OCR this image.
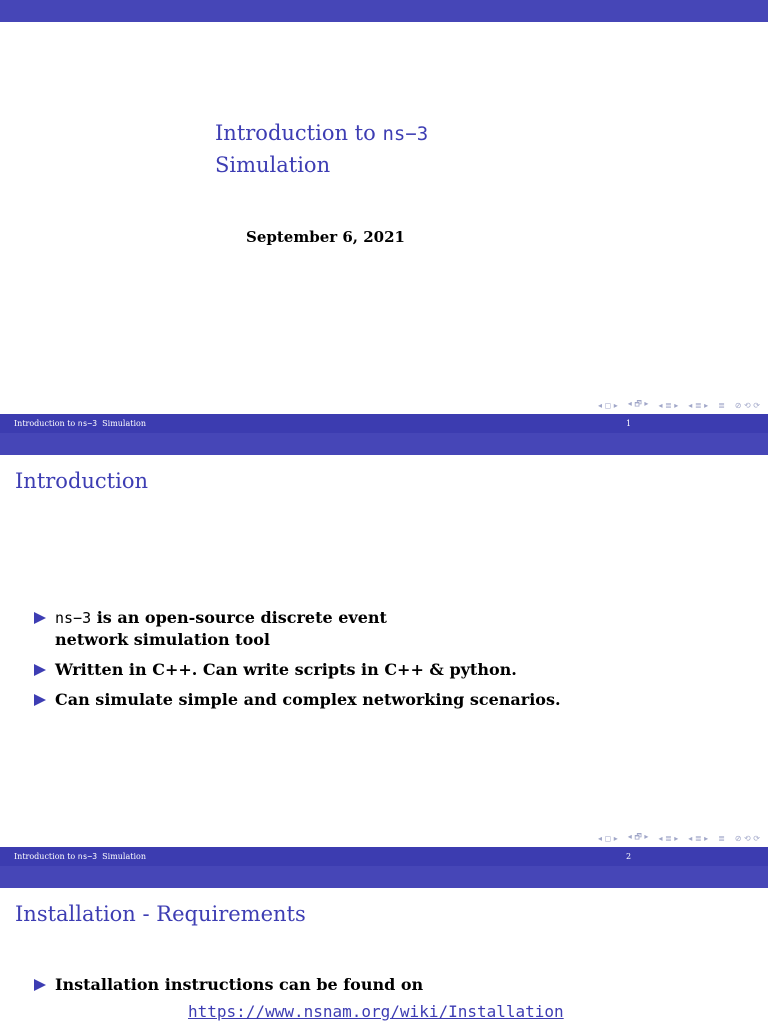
Introduction to ns−3
Simulation
September 6, 2021
◂ ◻ ▸ ◂ 🗗 ▸ ◂ ≣ ▸ ◂ ≣ ▸ ≣ ⊘ ⟲ ⟳
Introduction to ns−3 Simulation	1
Introduction
ns−3 is an open-source discrete event network simulation tool
Written in C++. Can write scripts in C++ & python.
Can simulate simple and complex networking scenarios.
◂ ◻ ▸ ◂ 🗗 ▸ ◂ ≣ ▸ ◂ ≣ ▸ ≣ ⊘ ⟲ ⟳
Introduction to ns−3 Simulation	2
Installation - Requirements
Installation instructions can be found on
https://www.nsnam.org/wiki/Installation
